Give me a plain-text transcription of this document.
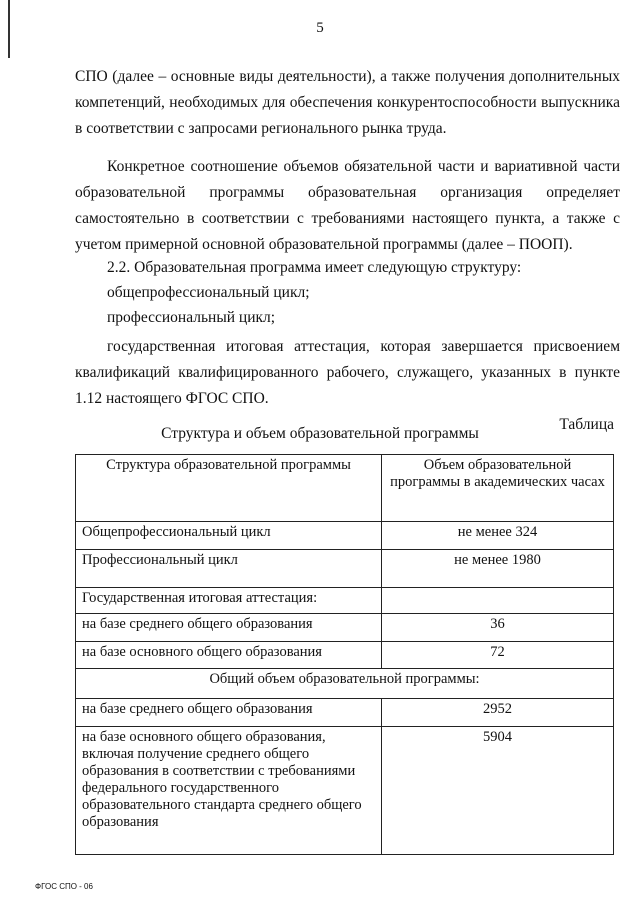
5
СПО (далее – основные виды деятельности), а также получения дополнительных компетенций, необходимых для обеспечения конкурентоспособности выпускника в соответствии с запросами регионального рынка труда.
Конкретное соотношение объемов обязательной части и вариативной части образовательной программы образовательная организация определяет самостоятельно в соответствии с требованиями настоящего пункта, а также с учетом примерной основной образовательной программы (далее – ПООП).
2.2. Образовательная программа имеет следующую структуру:
общепрофессиональный цикл;
профессиональный цикл;
государственная итоговая аттестация, которая завершается присвоением квалификаций квалифицированного рабочего, служащего, указанных в пункте 1.12 настоящего ФГОС СПО.
Таблица
Структура и объем образовательной программы
Структура образовательной программы	Объем образовательной программы в академических часах
Общепрофессиональный цикл	не менее 324
Профессиональный цикл	не менее 1980
Государственная итоговая аттестация:	
на базе среднего общего образования	36
на базе основного общего образования	72
Общий объем образовательной программы:	
на базе среднего общего образования	2952
на базе основного общего образования, включая получение среднего общего образования в соответствии с требованиями федерального государственного образовательного стандарта среднего общего образования	5904
ФГОС СПО - 06
